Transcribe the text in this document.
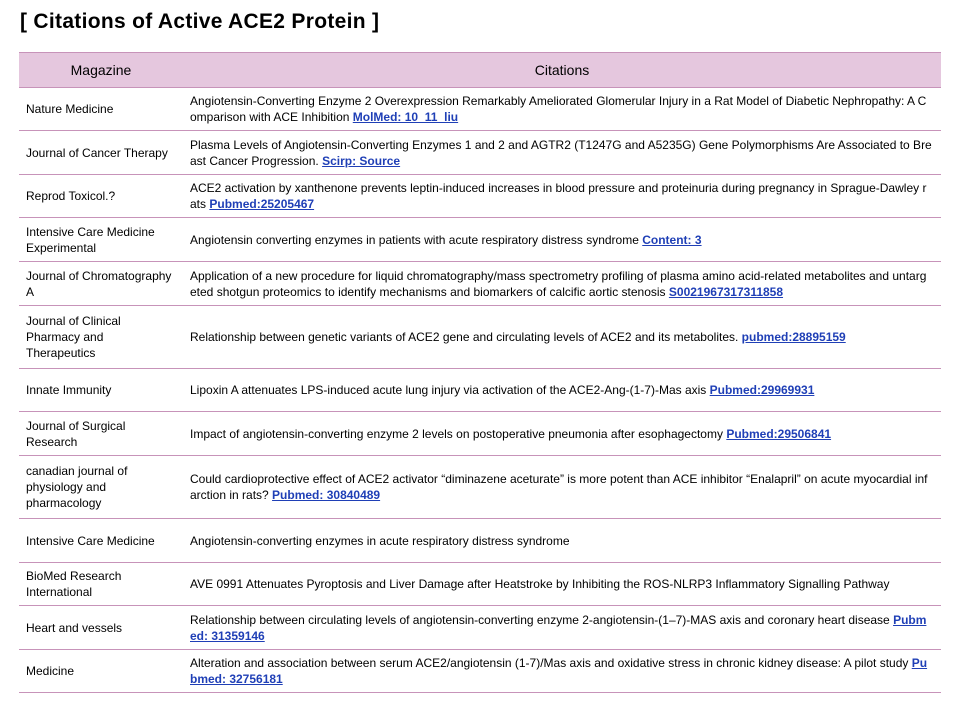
[ Citations of Active ACE2 Protein ]
Magazine	Citations
Nature Medicine	Angiotensin-Converting Enzyme 2 Overexpression Remarkably Ameliorated Glomerular Injury in a Rat Model of Diabetic Nephropathy: A Comparison with ACE Inhibition MolMed: 10_11_liu
Journal of Cancer Therapy	Plasma Levels of Angiotensin-Converting Enzymes 1 and 2 and AGTR2 (T1247G and A5235G) Gene Polymorphisms Are Associated to Breast Cancer Progression. Scirp: Source
Reprod Toxicol.?	ACE2 activation by xanthenone prevents leptin-induced increases in blood pressure and proteinuria during pregnancy in Sprague-Dawley rats Pubmed:25205467
Intensive Care Medicine Experimental	Angiotensin converting enzymes in patients with acute respiratory distress syndrome Content: 3
Journal of Chromatography A	Application of a new procedure for liquid chromatography/mass spectrometry profiling of plasma amino acid-related metabolites and untargeted shotgun proteomics to identify mechanisms and biomarkers of calcific aortic stenosis S0021967317311858
Journal of Clinical Pharmacy and Therapeutics	Relationship between genetic variants of ACE2 gene and circulating levels of ACE2 and its metabolites. pubmed:28895159
Innate Immunity	Lipoxin A attenuates LPS-induced acute lung injury via activation of the ACE2-Ang-(1-7)-Mas axis Pubmed:29969931
Journal of Surgical Research	Impact of angiotensin-converting enzyme 2 levels on postoperative pneumonia after esophagectomy Pubmed:29506841
canadian journal of physiology and pharmacology	Could cardioprotective effect of ACE2 activator “diminazene aceturate” is more potent than ACE inhibitor “Enalapril” on acute myocardial infarction in rats? Pubmed: 30840489
Intensive Care Medicine	Angiotensin-converting enzymes in acute respiratory distress syndrome
BioMed Research International	AVE 0991 Attenuates Pyroptosis and Liver Damage after Heatstroke by Inhibiting the ROS-NLRP3 Inflammatory Signalling Pathway
Heart and vessels	Relationship between circulating levels of angiotensin-converting enzyme 2-angiotensin-(1–7)-MAS axis and coronary heart disease Pubmed: 31359146
Medicine	Alteration and association between serum ACE2/angiotensin (1-7)/Mas axis and oxidative stress in chronic kidney disease: A pilot study Pubmed: 32756181
